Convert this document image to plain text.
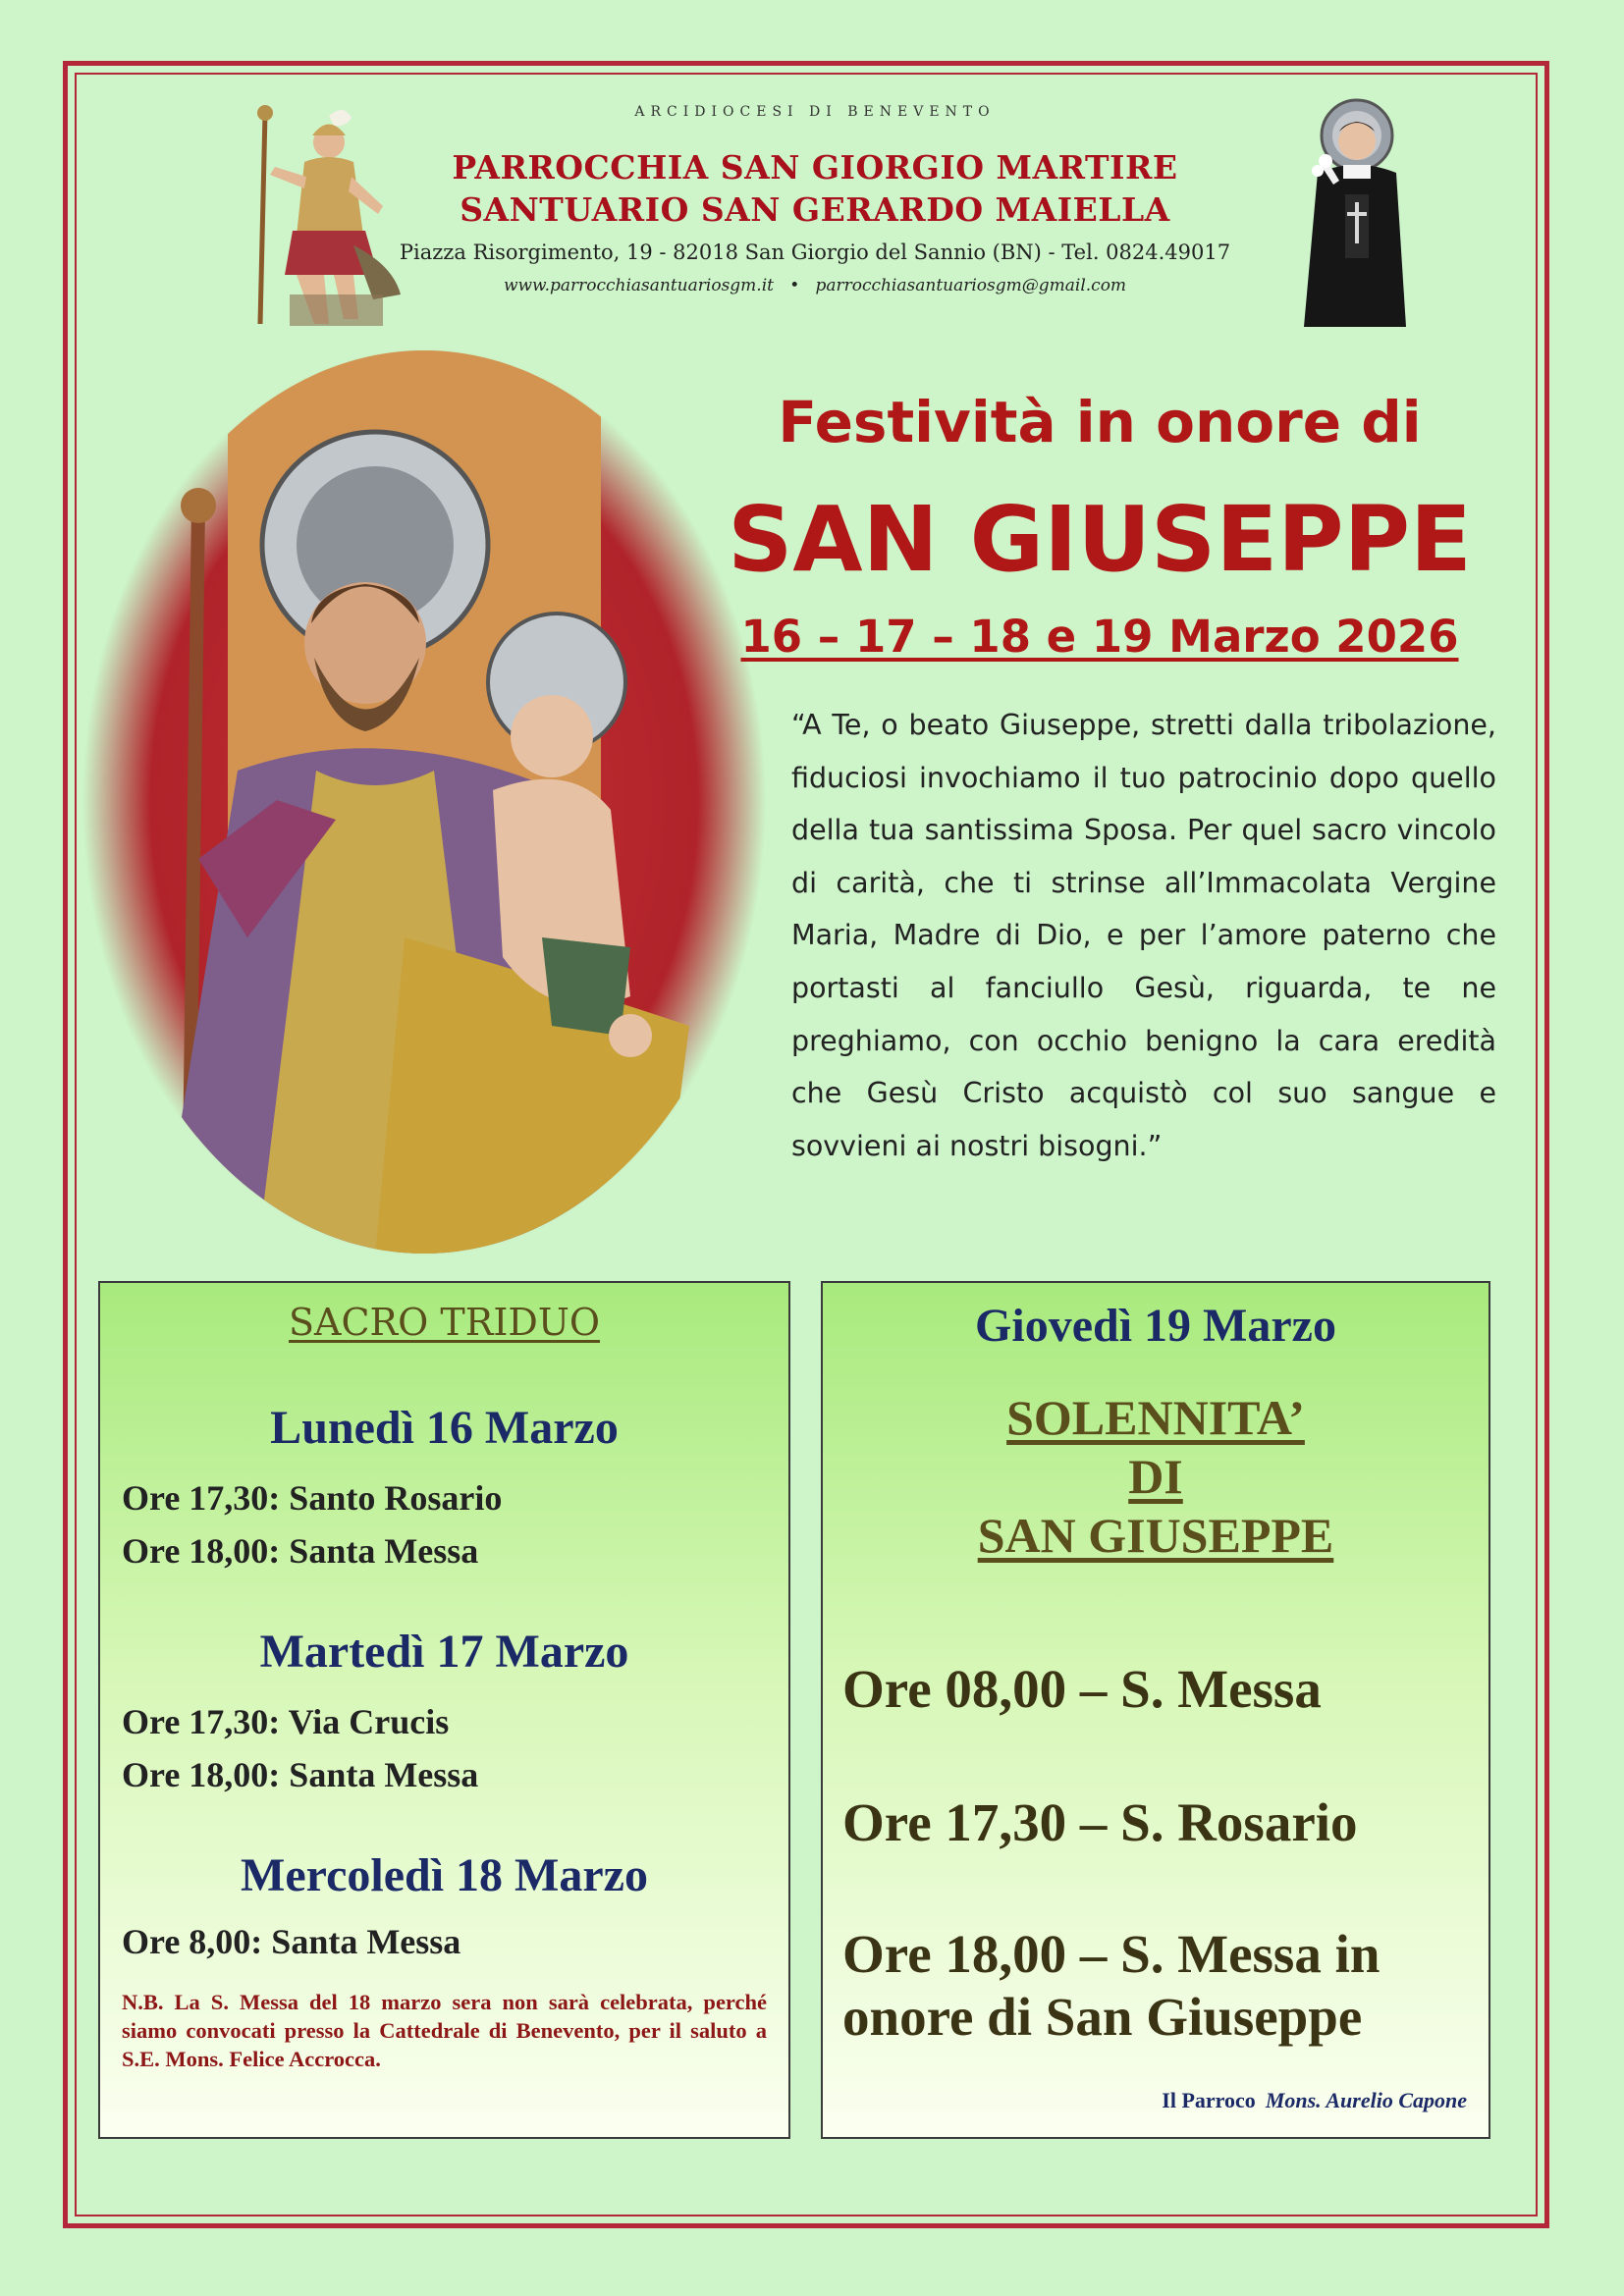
ARCIDIOCESI DI BENEVENTO
PARROCCHIA SAN GIORGIO MARTIRE
SANTUARIO SAN GERARDO MAIELLA
Piazza Risorgimento, 19 - 82018 San Giorgio del Sannio (BN) - Tel. 0824.49017
www.parrocchiasantuariosgm.it • parrocchiasantuariosgm@gmail.com
Festività in onore di
SAN GIUSEPPE
16 – 17 – 18 e 19 Marzo 2026
“A Te, o beato Giuseppe, stretti dalla tribolazione, fiduciosi invochiamo il tuo patrocinio dopo quello della tua santissima Sposa. Per quel sacro vincolo di carità, che ti strinse all’Immacolata Vergine Maria, Madre di Dio, e per l’amore paterno che portasti al fanciullo Gesù, riguarda, te ne preghiamo, con occhio benigno la cara eredità che Gesù Cristo acquistò col suo sangue e sovvieni ai nostri bisogni.”
SACRO TRIDUO
Lunedì 16 Marzo
Ore 17,30: Santo Rosario
Ore 18,00: Santa Messa
Martedì 17 Marzo
Ore 17,30: Via Crucis
Ore 18,00: Santa Messa
Mercoledì 18 Marzo
Ore 8,00: Santa Messa
N.B. La S. Messa del 18 marzo sera non sarà celebrata, perché siamo convocati presso la Cattedrale di Benevento, per il saluto a S.E. Mons. Felice Accrocca.
Giovedì 19 Marzo
SOLENNITA’
DI
SAN GIUSEPPE
Ore 08,00 – S. Messa
Ore 17,30 – S. Rosario
Ore 18,00 – S. Messa in onore di San Giuseppe
Il Parroco Mons. Aurelio Capone
